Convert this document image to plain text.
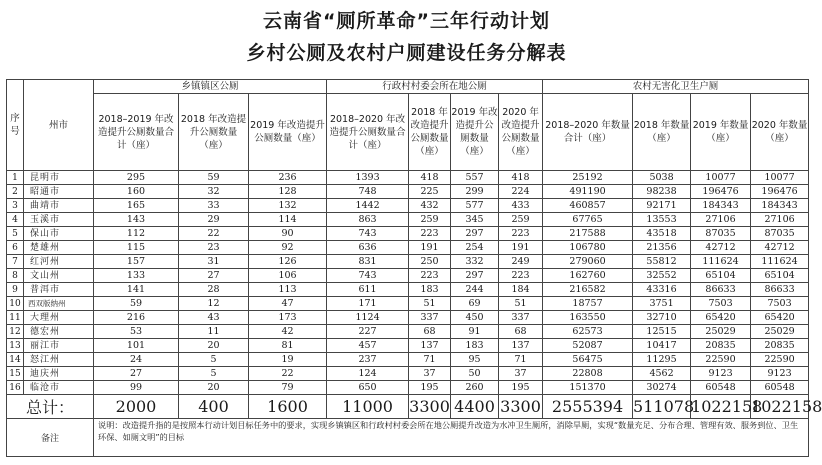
云南省“厕所革命”三年行动计划
乡村公厕及农村户厕建设任务分解表
序号	州市	乡镇镇区公厕			行政村村委会所在地公厕				农村无害化卫生户厕			
		2018–2019 年改造提升公厕数量合计（座）	2018 年改造提升公厕数量（座）	2019 年改造提升公厕数量（座）	2018–2020 年改造提升公厕数量合计（座）	2018 年改造提升公厕数量（座）	2019 年改造提升公厕数量（座）	2020 年改造提升公厕数量（座）	2018–2020 年数量合计（座）	2018 年数量（座）	2019 年数量（座）	2020 年数量（座）
1	昆明市	295	59	236	1393	418	557	418	25192	5038	10077	10077
2	昭通市	160	32	128	748	225	299	224	491190	98238	196476	196476
3	曲靖市	165	33	132	1442	432	577	433	460857	92171	184343	184343
4	玉溪市	143	29	114	863	259	345	259	67765	13553	27106	27106
5	保山市	112	22	90	743	223	297	223	217588	43518	87035	87035
6	楚雄州	115	23	92	636	191	254	191	106780	21356	42712	42712
7	红河州	157	31	126	831	250	332	249	279060	55812	111624	111624
8	文山州	133	27	106	743	223	297	223	162760	32552	65104	65104
9	普洱市	141	28	113	611	183	244	184	216582	43316	86633	86633
10	西双版纳州	59	12	47	171	51	69	51	18757	3751	7503	7503
11	大理州	216	43	173	1124	337	450	337	163550	32710	65420	65420
12	德宏州	53	11	42	227	68	91	68	62573	12515	25029	25029
13	丽江市	101	20	81	457	137	183	137	52087	10417	20835	20835
14	怒江州	24	5	19	237	71	95	71	56475	11295	22590	22590
15	迪庆州	27	5	22	124	37	50	37	22808	4562	9123	9123
16	临沧市	99	20	79	650	195	260	195	151370	30274	60548	60548
总计：		2000	400	1600	11000	3300	4400	3300	2555394	511078	1022158	1022158
备注		说明：改造提升指的是按照本行动计划目标任务中的要求，实现乡镇镇区和行政村村委会所在地公厕提升改造为水冲卫生厕所，消除旱厕，实现“数量充足、分布合理、管理有效、服务到位、卫生环保、如厕文明”的目标										
